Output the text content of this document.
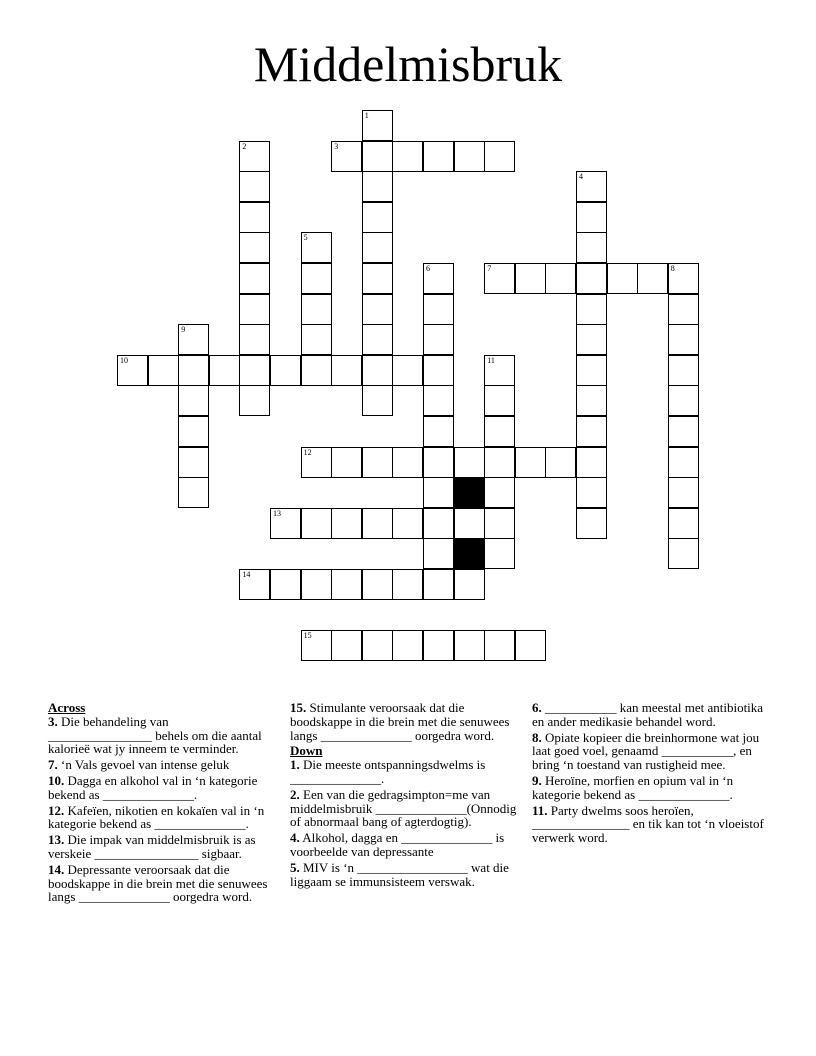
Middelmisbruk
1
2	3
4
5
6	7	8
9
10	11
12
13
14
15

Across

3. Die behandeling van ________________ behels om die aantal kalorieë wat jy inneem te verminder.

7. ‘n Vals gevoel van intense geluk

10. Dagga en alkohol val in ‘n kategorie bekend as ______________.

12. Kafeïen, nikotien en kokaïen val in ‘n kategorie bekend as ______________.

13. Die impak van middelmisbruik is as verskeie ________________ sigbaar.

14. Depressante veroorsaak dat die boodskappe in die brein met die senuwees langs ______________ oorgedra word.

15. Stimulante veroorsaak dat die boodskappe in die brein met die senuwees langs ______________ oorgedra word.

Down

1. Die meeste ontspanningsdwelms is ______________.

2. Een van die gedragsimpton=me van middelmisbruik ______________(Onnodig of abnormaal bang of agterdogtig).

4. Alkohol, dagga en ______________ is voorbeelde van depressante

5. MIV is ‘n _________________ wat die liggaam se immunsisteem verswak.

6. ___________ kan meestal met antibiotika en ander medikasie behandel word.

8. Opiate kopieer die breinhormone wat jou laat goed voel, genaamd ___________, en bring ‘n toestand van rustigheid mee.

9. Heroïne, morfien en opium val in ‘n kategorie bekend as ______________.

11. Party dwelms soos heroïen, _______________ en tik kan tot ‘n vloeistof verwerk word.
